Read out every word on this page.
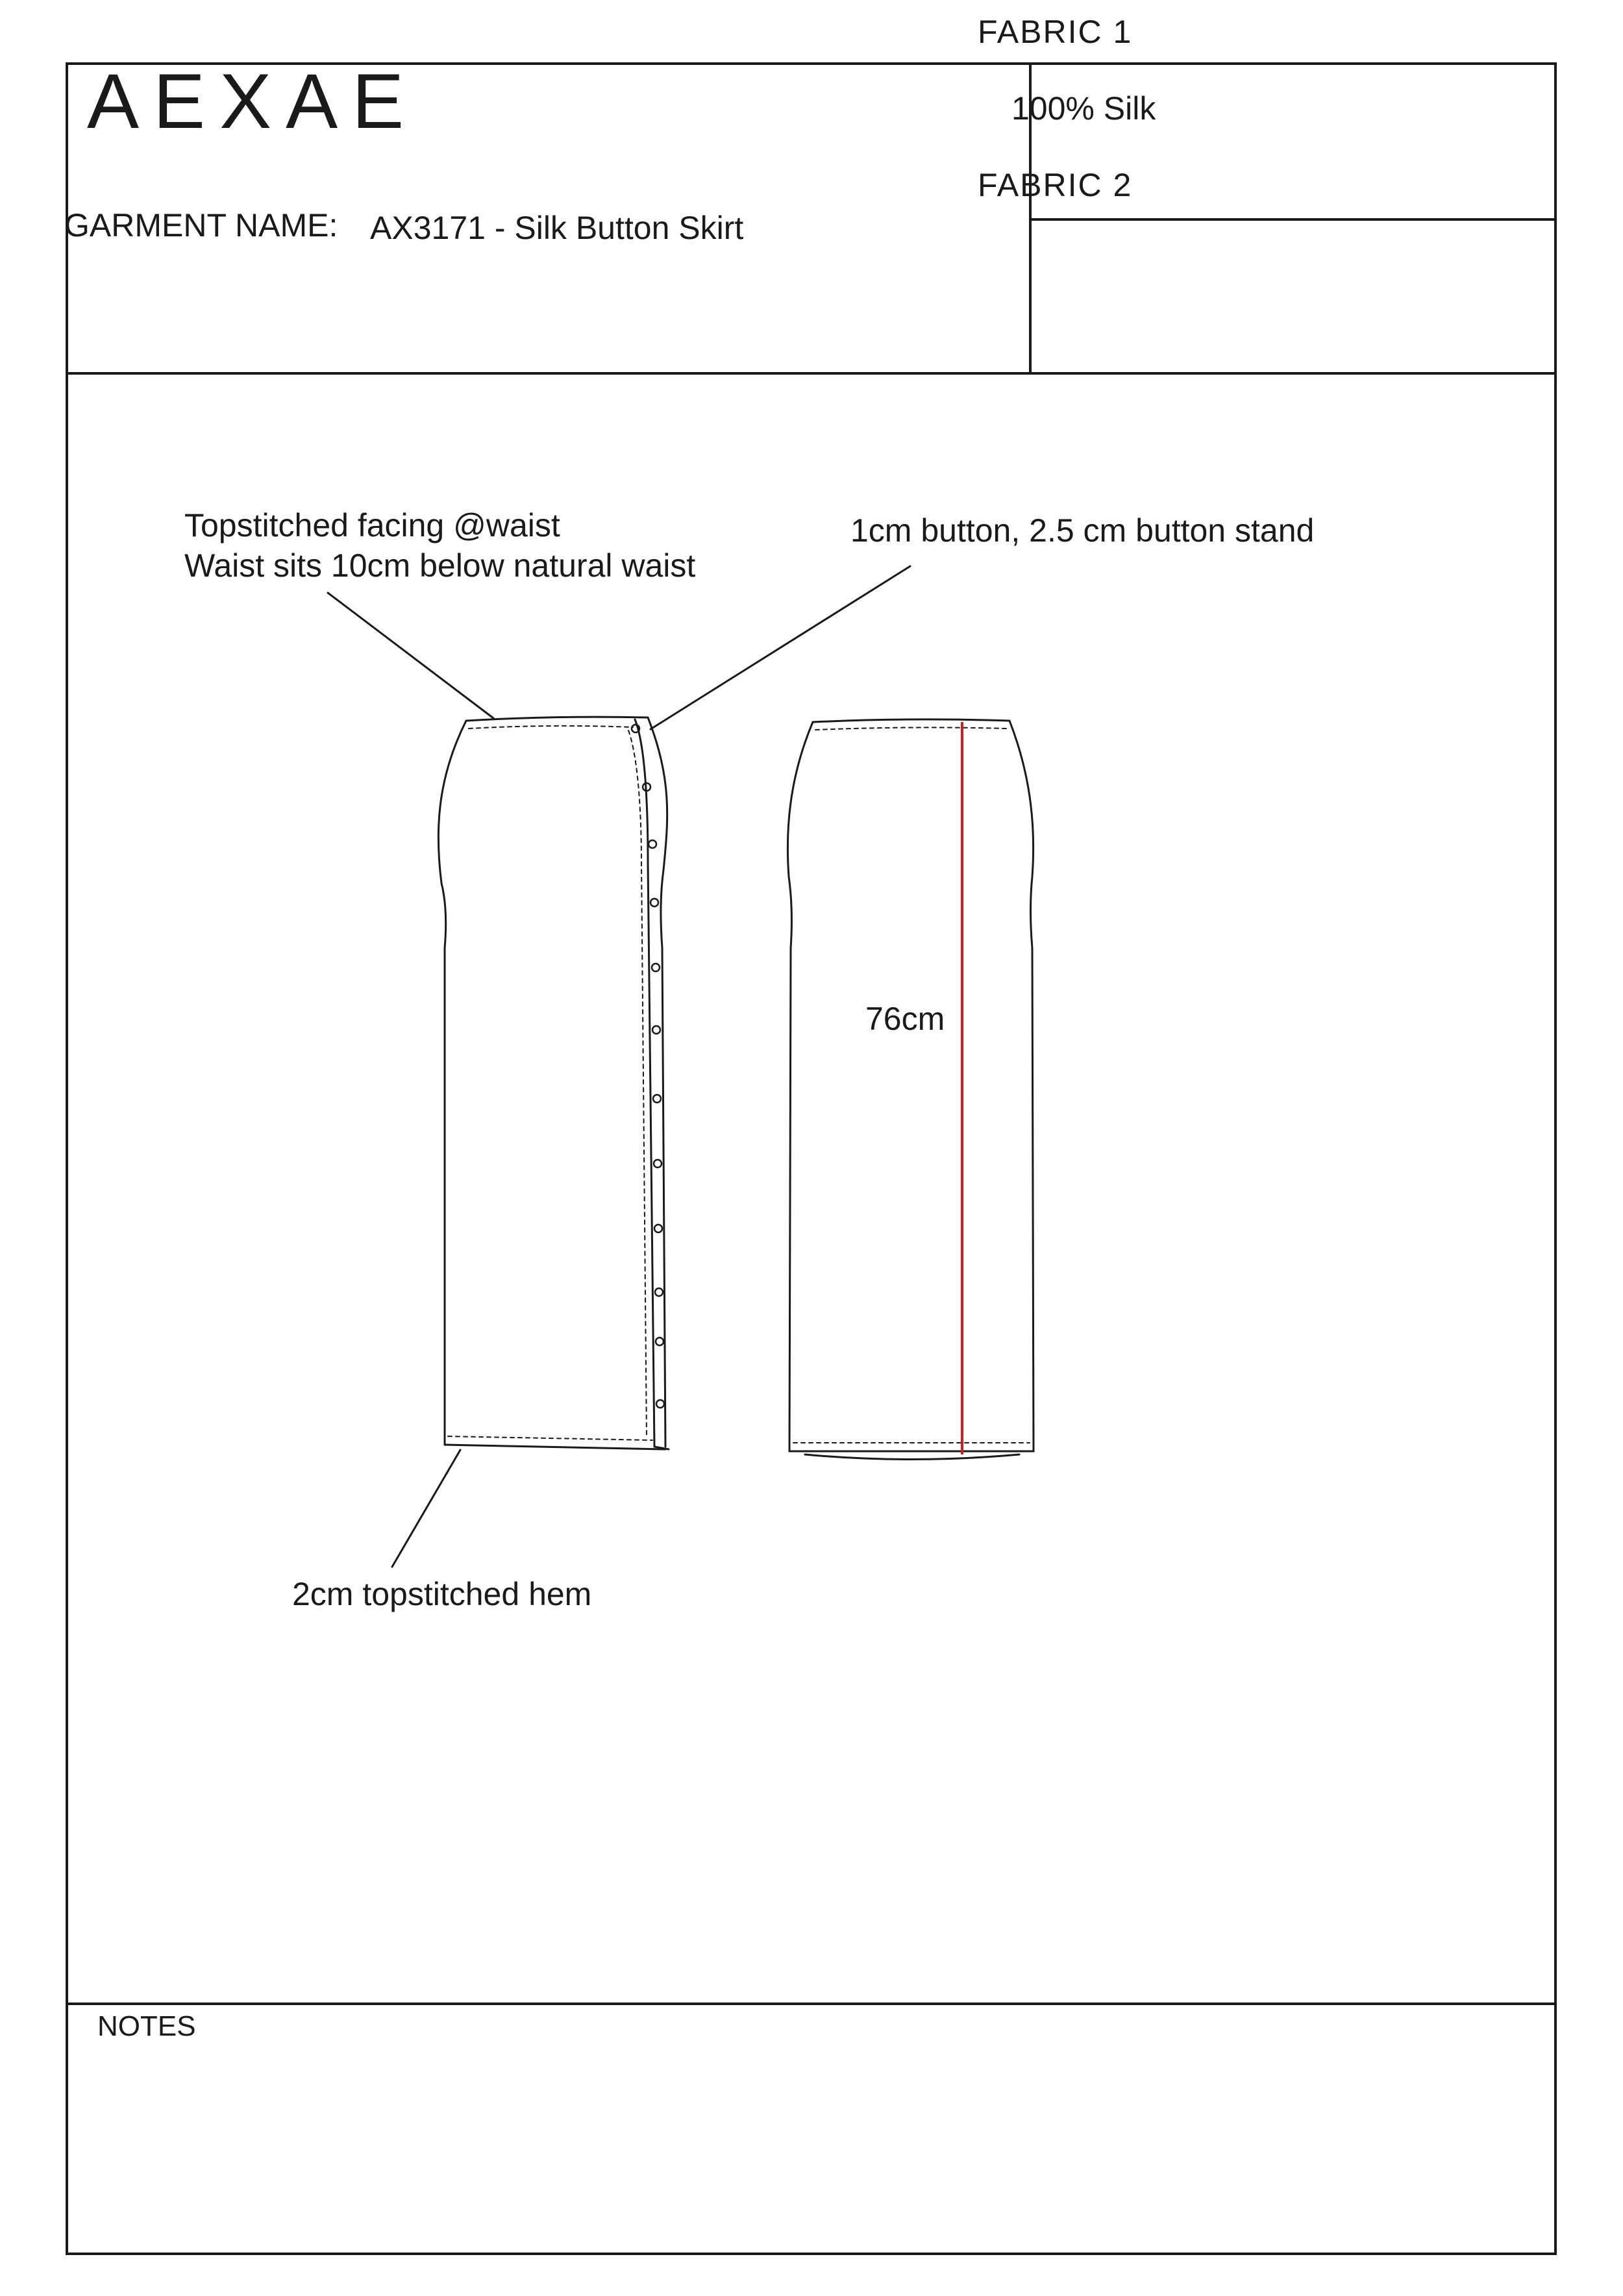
AEXAE
GARMENT NAME: AX3171 - Silk Button Skirt
FABRIC 1
100% Silk
FABRIC 2
Topstitched facing @waist
Waist sits 10cm below natural waist
1cm button, 2.5 cm button stand
2cm topstitched hem
76cm
NOTES
